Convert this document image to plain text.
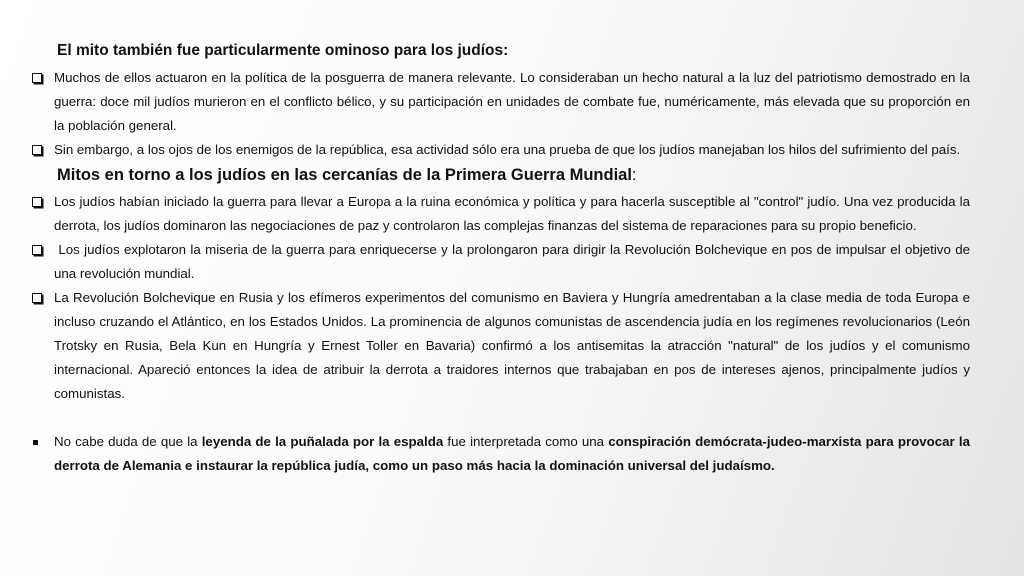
El mito también fue particularmente ominoso para los judíos:
Muchos de ellos actuaron en la política de la posguerra de manera relevante. Lo consideraban un hecho natural a la luz del patriotismo demostrado en la guerra: doce mil judíos murieron en el conflicto bélico, y su participación en unidades de combate fue, numéricamente, más elevada que su proporción en la población general.
Sin embargo, a los ojos de los enemigos de la república, esa actividad sólo era una prueba de que los judíos manejaban los hilos del sufrimiento del país.
Mitos en torno a los judíos en las cercanías de la Primera Guerra Mundial:
Los judíos habían iniciado la guerra para llevar a Europa a la ruina económica y política y para hacerla susceptible al "control" judío. Una vez producida la derrota, los judíos dominaron las negociaciones de paz y controlaron las complejas finanzas del sistema de reparaciones para su propio beneficio.
Los judíos explotaron la miseria de la guerra para enriquecerse y la prolongaron para dirigir la Revolución Bolchevique en pos de impulsar el objetivo de una revolución mundial.
La Revolución Bolchevique en Rusia y los efímeros experimentos del comunismo en Baviera y Hungría amedrentaban a la clase media de toda Europa e incluso cruzando el Atlántico, en los Estados Unidos. La prominencia de algunos comunistas de ascendencia judía en los regímenes revolucionarios (León Trotsky en Rusia, Bela Kun en Hungría y Ernest Toller en Bavaria) confirmó a los antisemitas la atracción "natural" de los judíos y el comunismo internacional. Apareció entonces la idea de atribuir la derrota a traidores internos que trabajaban en pos de intereses ajenos, principalmente judíos y comunistas.
No cabe duda de que la leyenda de la puñalada por la espalda fue interpretada como una conspiración demócrata-judeo-marxista para provocar la derrota de Alemania e instaurar la república judía, como un paso más hacia la dominación universal del judaísmo.
